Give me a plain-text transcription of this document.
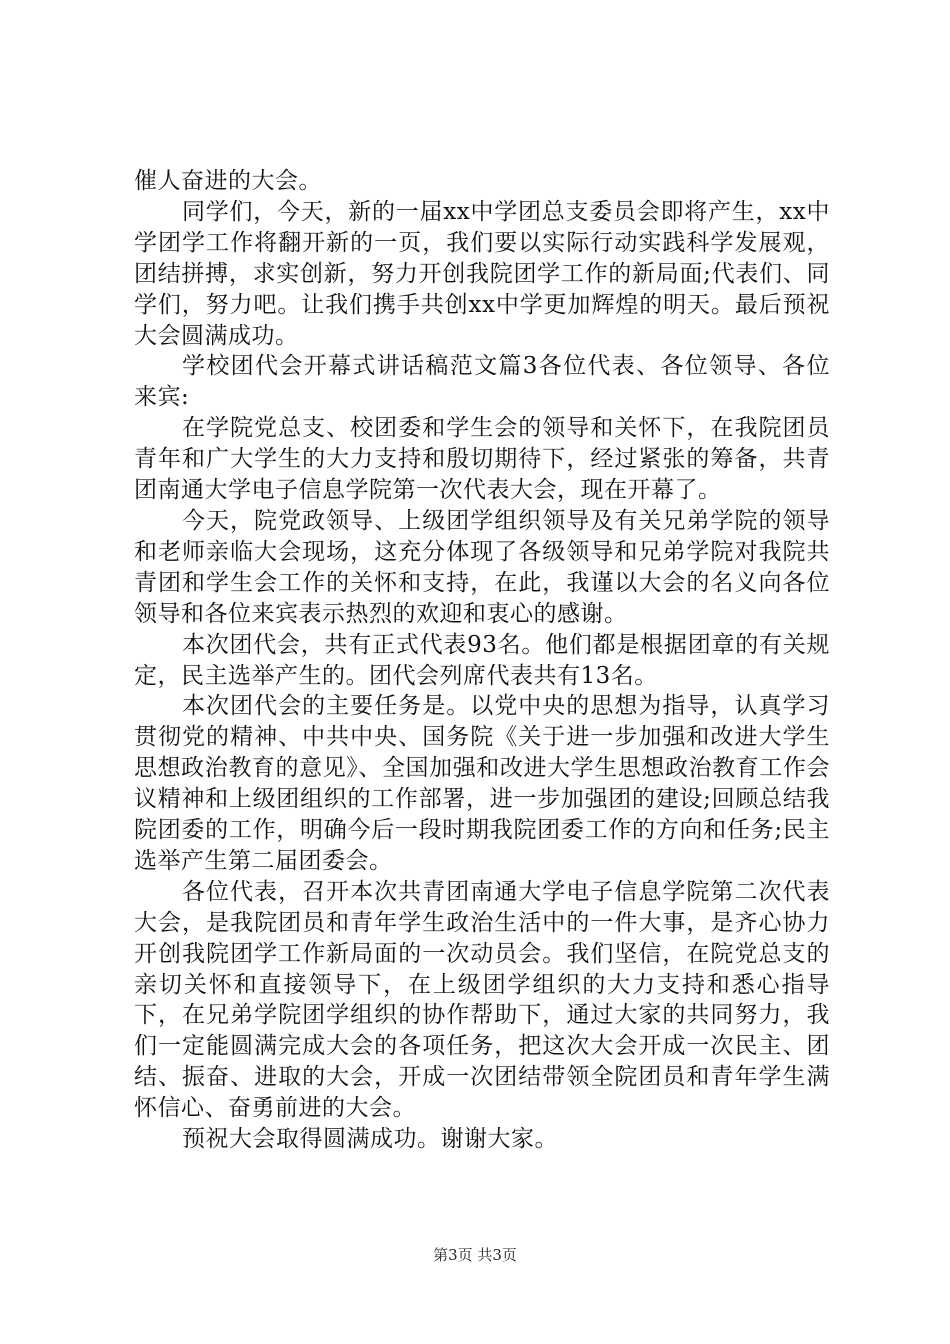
催人奋进的大会。

同学们，今天，新的一届xx中学团总支委员会即将产生，xx中学团学工作将翻开新的一页，我们要以实际行动实践科学发展观，团结拼搏，求实创新，努力开创我院团学工作的新局面;代表们、同学们，努力吧。让我们携手共创xx中学更加辉煌的明天。最后预祝大会圆满成功。

学校团代会开幕式讲话稿范文篇3各位代表、各位领导、各位来宾:

在学院党总支、校团委和学生会的领导和关怀下，在我院团员青年和广大学生的大力支持和殷切期待下，经过紧张的筹备，共青团南通大学电子信息学院第一次代表大会，现在开幕了。

今天，院党政领导、上级团学组织领导及有关兄弟学院的领导和老师亲临大会现场，这充分体现了各级领导和兄弟学院对我院共青团和学生会工作的关怀和支持，在此，我谨以大会的名义向各位领导和各位来宾表示热烈的欢迎和衷心的感谢。

本次团代会，共有正式代表93名。他们都是根据团章的有关规定，民主选举产生的。团代会列席代表共有13名。

本次团代会的主要任务是。以党中央的思想为指导，认真学习贯彻党的精神、中共中央、国务院《关于进一步加强和改进大学生思想政治教育的意见》、全国加强和改进大学生思想政治教育工作会议精神和上级团组织的工作部署，进一步加强团的建设;回顾总结我院团委的工作，明确今后一段时期我院团委工作的方向和任务;民主选举产生第二届团委会。

各位代表，召开本次共青团南通大学电子信息学院第二次代表大会，是我院团员和青年学生政治生活中的一件大事，是齐心协力开创我院团学工作新局面的一次动员会。我们坚信，在院党总支的亲切关怀和直接领导下，在上级团学组织的大力支持和悉心指导下，在兄弟学院团学组织的协作帮助下，通过大家的共同努力，我们一定能圆满完成大会的各项任务，把这次大会开成一次民主、团结、振奋、进取的大会，开成一次团结带领全院团员和青年学生满怀信心、奋勇前进的大会。

预祝大会取得圆满成功。谢谢大家。

第3页 共3页
